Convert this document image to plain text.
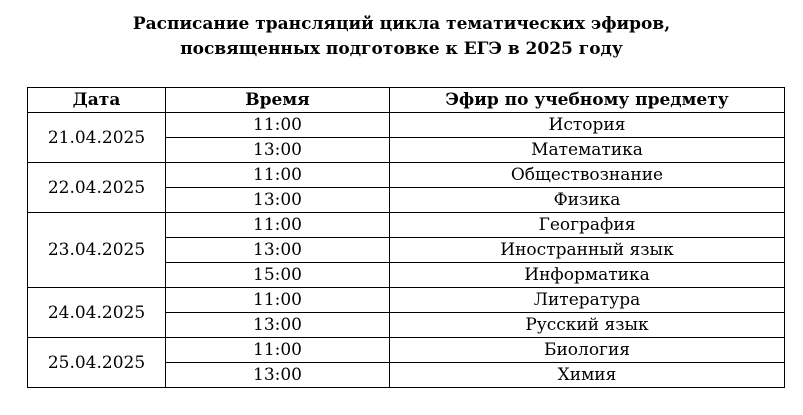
Расписание трансляций цикла тематических эфиров,
посвященных подготовке к ЕГЭ в 2025 году
Дата	Время	Эфир по учебному предмету
21.04.2025	11:00	История
	13:00	Математика
22.04.2025	11:00	Обществознание
	13:00	Физика
23.04.2025	11:00	География
	13:00	Иностранный язык
	15:00	Информатика
24.04.2025	11:00	Литература
	13:00	Русский язык
25.04.2025	11:00	Биология
	13:00	Химия
